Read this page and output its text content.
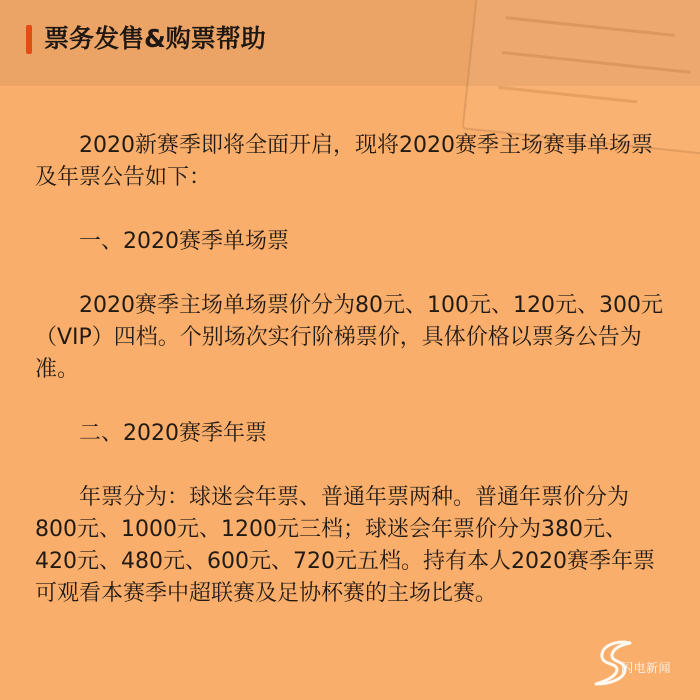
票务发售&购票帮助

2020新赛季即将全面开启，现将2020赛季主场赛事单场票及年票公告如下：

一、2020赛季单场票

2020赛季主场单场票价分为80元、100元、120元、300元（VIP）四档。个别场次实行阶梯票价，具体价格以票务公告为准。

二、2020赛季年票

年票分为：球迷会年票、普通年票两种。普通年票价分为800元、1000元、1200元三档；球迷会年票价分为380元、420元、480元、600元、720元五档。持有本人2020赛季年票可观看本赛季中超联赛及足协杯赛的主场比赛。

闪电新闻
